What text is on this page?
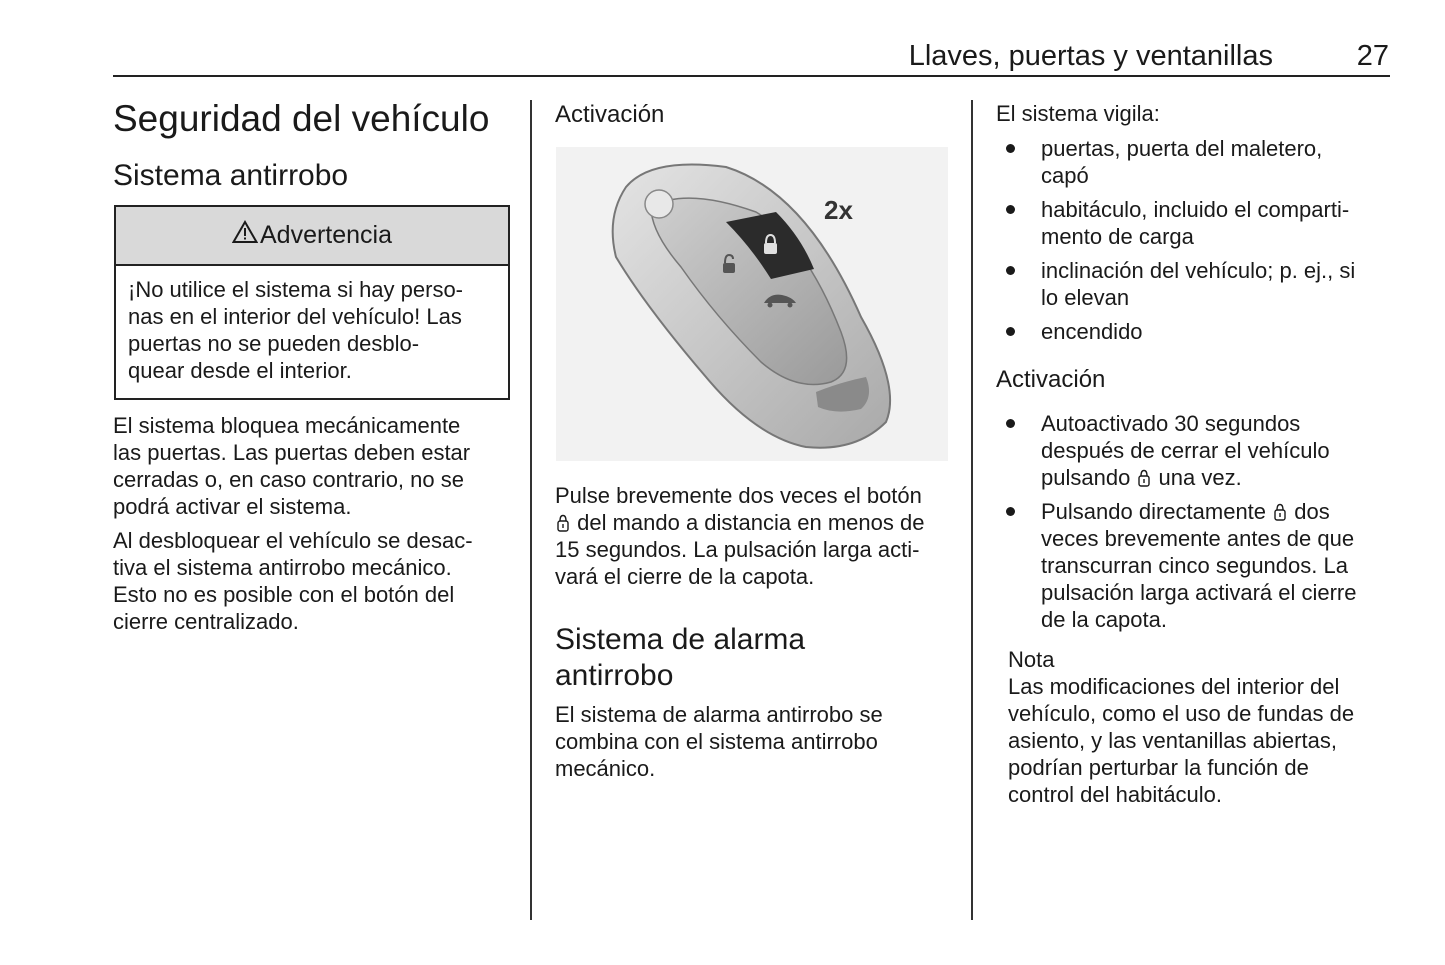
Llaves, puertas y ventanillas	27
Seguridad del vehículo
Sistema antirrobo
Advertencia
¡No utilice el sistema si hay perso-
nas en el interior del vehículo! Las
puertas no se pueden desblo-
quear desde el interior.
El sistema bloquea mecánicamente
las puertas. Las puertas deben estar
cerradas o, en caso contrario, no se
podrá activar el sistema.
Al desbloquear el vehículo se desac-
tiva el sistema antirrobo mecánico.
Esto no es posible con el botón del
cierre centralizado.
Activación
2x
Pulse brevemente dos veces el botón
del mando a distancia en menos de
15 segundos. La pulsación larga acti-
vará el cierre de la capota.
Sistema de alarma
antirrobo
El sistema de alarma antirrobo se
combina con el sistema antirrobo
mecánico.
El sistema vigila:
puertas, puerta del maletero,
capó
habitáculo, incluido el comparti-
mento de carga
inclinación del vehículo; p. ej., si
lo elevan
encendido
Activación
Autoactivado 30 segundos
después de cerrar el vehículo
pulsando  una vez.
Pulsando directamente  dos
veces brevemente antes de que
transcurran cinco segundos. La
pulsación larga activará el cierre
de la capota.
Nota
Las modificaciones del interior del
vehículo, como el uso de fundas de
asiento, y las ventanillas abiertas,
podrían perturbar la función de
control del habitáculo.
